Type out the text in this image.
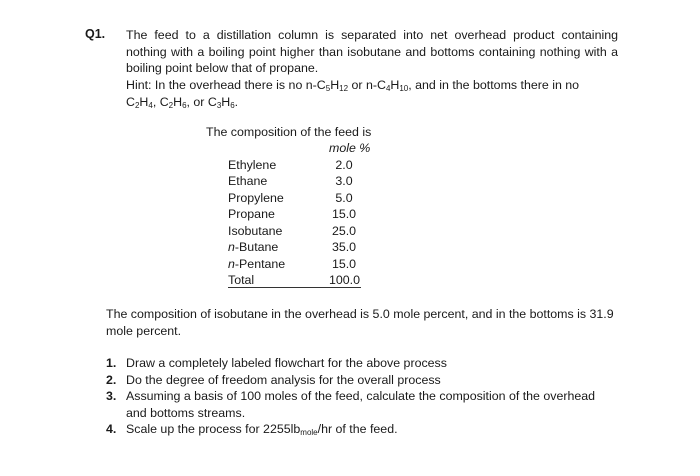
Q1. The feed to a distillation column is separated into net overhead product containing nothing with a boiling point higher than isobutane and bottoms containing nothing with a boiling point below that of propane.
Hint: In the overhead there is no $n-C_5H_{12}$ or $n-C_4H_{10}$, and in the bottoms there in no
$C_2H_4$, $C_2H_6$, or $C_3H_6$.
The composition of the feed is
mole %
Ethylene	2.0
Ethane	3.0
Propylene	5.0
Propane	15.0
Isobutane	25.0
n-Butane	35.0
n-Pentane	15.0
Total	100.0
The composition of isobutane in the overhead is 5.0 mole percent, and in the bottoms is 31.9 mole percent.
1. Draw a completely labeled flowchart for the above process
2. Do the degree of freedom analysis for the overall process
3. Assuming a basis of 100 moles of the feed, calculate the composition of the overhead and bottoms streams.
4. Scale up the process for $2255lb_{mole}/hr$ of the feed.
